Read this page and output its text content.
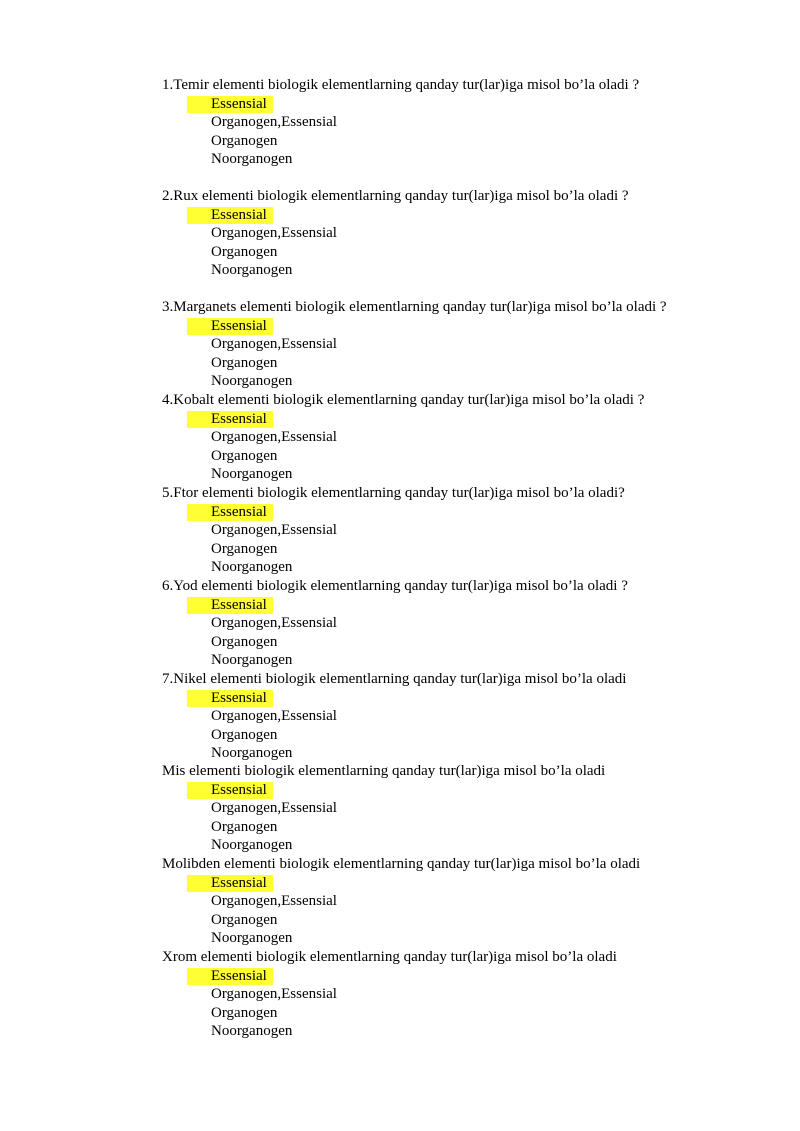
1.Temir elementi biologik elementlarning qanday tur(lar)iga misol bo’la oladi ?
Essensial
Organogen,Essensial
Organogen
Noorganogen
2.Rux elementi biologik elementlarning qanday tur(lar)iga misol bo’la oladi ?
Essensial
Organogen,Essensial
Organogen
Noorganogen
3.Marganets elementi biologik elementlarning qanday tur(lar)iga misol bo’la oladi ?
Essensial
Organogen,Essensial
Organogen
Noorganogen
4.Kobalt elementi biologik elementlarning qanday tur(lar)iga misol bo’la oladi ?
Essensial
Organogen,Essensial
Organogen
Noorganogen
5.Ftor elementi biologik elementlarning qanday tur(lar)iga misol bo’la oladi?
Essensial
Organogen,Essensial
Organogen
Noorganogen
6.Yod elementi biologik elementlarning qanday tur(lar)iga misol bo’la oladi ?
Essensial
Organogen,Essensial
Organogen
Noorganogen
7.Nikel elementi biologik elementlarning qanday tur(lar)iga misol bo’la oladi
Essensial
Organogen,Essensial
Organogen
Noorganogen
Mis elementi biologik elementlarning qanday tur(lar)iga misol bo’la oladi
Essensial
Organogen,Essensial
Organogen
Noorganogen
Molibden elementi biologik elementlarning qanday tur(lar)iga misol bo’la oladi
Essensial
Organogen,Essensial
Organogen
Noorganogen
Xrom elementi biologik elementlarning qanday tur(lar)iga misol bo’la oladi
Essensial
Organogen,Essensial
Organogen
Noorganogen
